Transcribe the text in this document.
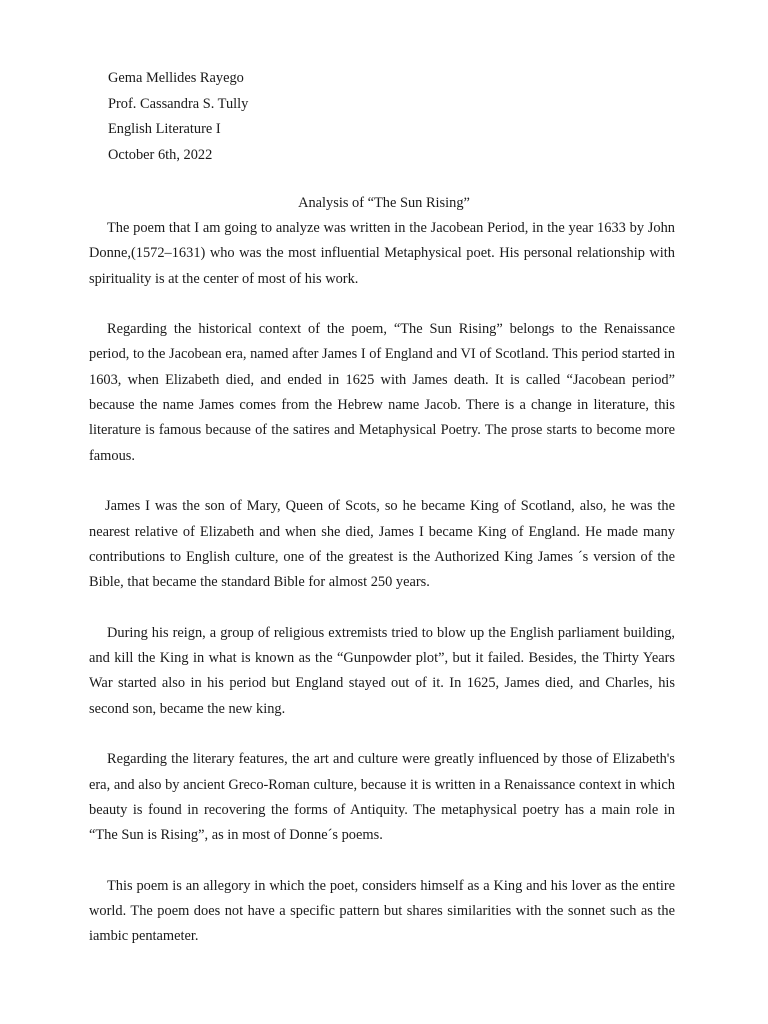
Gema Mellides Rayego
Prof. Cassandra S. Tully
English Literature I
October 6th, 2022
Analysis of “The Sun Rising”

The poem that I am going to analyze was written in the Jacobean Period, in the year 1633 by John Donne,(1572–1631) who was the most influential Metaphysical poet. His personal relationship with spirituality is at the center of most of his work.

Regarding the historical context of the poem, “The Sun Rising” belongs to the Renaissance period, to the Jacobean era, named after James I of England and VI of Scotland. This period started in 1603, when Elizabeth died, and ended in 1625 with James death. It is called “Jacobean period” because the name James comes from the Hebrew name Jacob. There is a change in literature, this literature is famous because of the satires and Metaphysical Poetry. The prose starts to become more famous.

James I was the son of Mary, Queen of Scots, so he became King of Scotland, also, he was the nearest relative of Elizabeth and when she died, James I became King of England. He made many contributions to English culture, one of the greatest is the Authorized King James ´s version of the Bible, that became the standard Bible for almost 250 years.

During his reign, a group of religious extremists tried to blow up the English parliament building, and kill the King in what is known as the “Gunpowder plot”, but it failed. Besides, the Thirty Years War started also in his period but England stayed out of it. In 1625, James died, and Charles, his second son, became the new king.

Regarding the literary features, the art and culture were greatly influenced by those of Elizabeth's era, and also by ancient Greco-Roman culture, because it is written in a Renaissance context in which beauty is found in recovering the forms of Antiquity. The metaphysical poetry has a main role in “The Sun is Rising”, as in most of Donne´s poems.

This poem is an allegory in which the poet, considers himself as a King and his lover as the entire world. The poem does not have a specific pattern but shares similarities with the sonnet such as the iambic pentameter.
